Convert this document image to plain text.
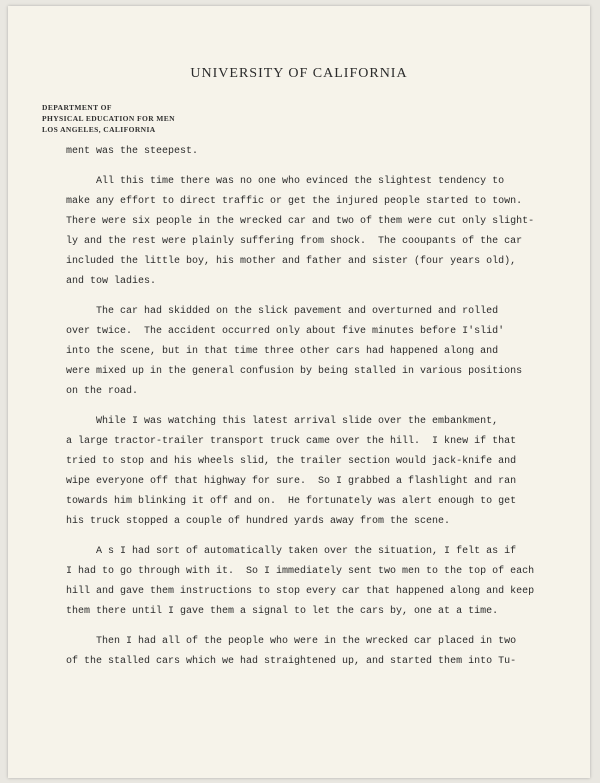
UNIVERSITY OF CALIFORNIA
DEPARTMENT OF
PHYSICAL EDUCATION FOR MEN
LOS ANGELES, CALIFORNIA
ment was the steepest.
All this time there was no one who evinced the slightest tendency to
make any effort to direct traffic or get the injured people started to town.
There were six people in the wrecked car and two of them were cut only slight-
ly and the rest were plainly suffering from shock.  The cooupants of the car
included the little boy, his mother and father and sister (four years old),
and tow ladies.
The car had skidded on the slick pavement and overturned and rolled
over twice.  The accident occurred only about five minutes before I'slid'
into the scene, but in that time three other cars had happened along and
were mixed up in the general confusion by being stalled in various positions
on the road.
While I was watching this latest arrival slide over the embankment,
a large tractor-trailer transport truck came over the hill.  I knew if that
tried to stop and his wheels slid, the trailer section would jack-knife and
wipe everyone off that highway for sure.  So I grabbed a flashlight and ran
towards him blinking it off and on.  He fortunately was alert enough to get
his truck stopped a couple of hundred yards away from the scene.
A s I had sort of automatically taken over the situation, I felt as if
I had to go through with it.  So I immediately sent two men to the top of each
hill and gave them instructions to stop every car that happened along and keep
them there until I gave them a signal to let the cars by, one at a time.
Then I had all of the people who were in the wrecked car placed in two
of the stalled cars which we had straightened up, and started them into Tu-
